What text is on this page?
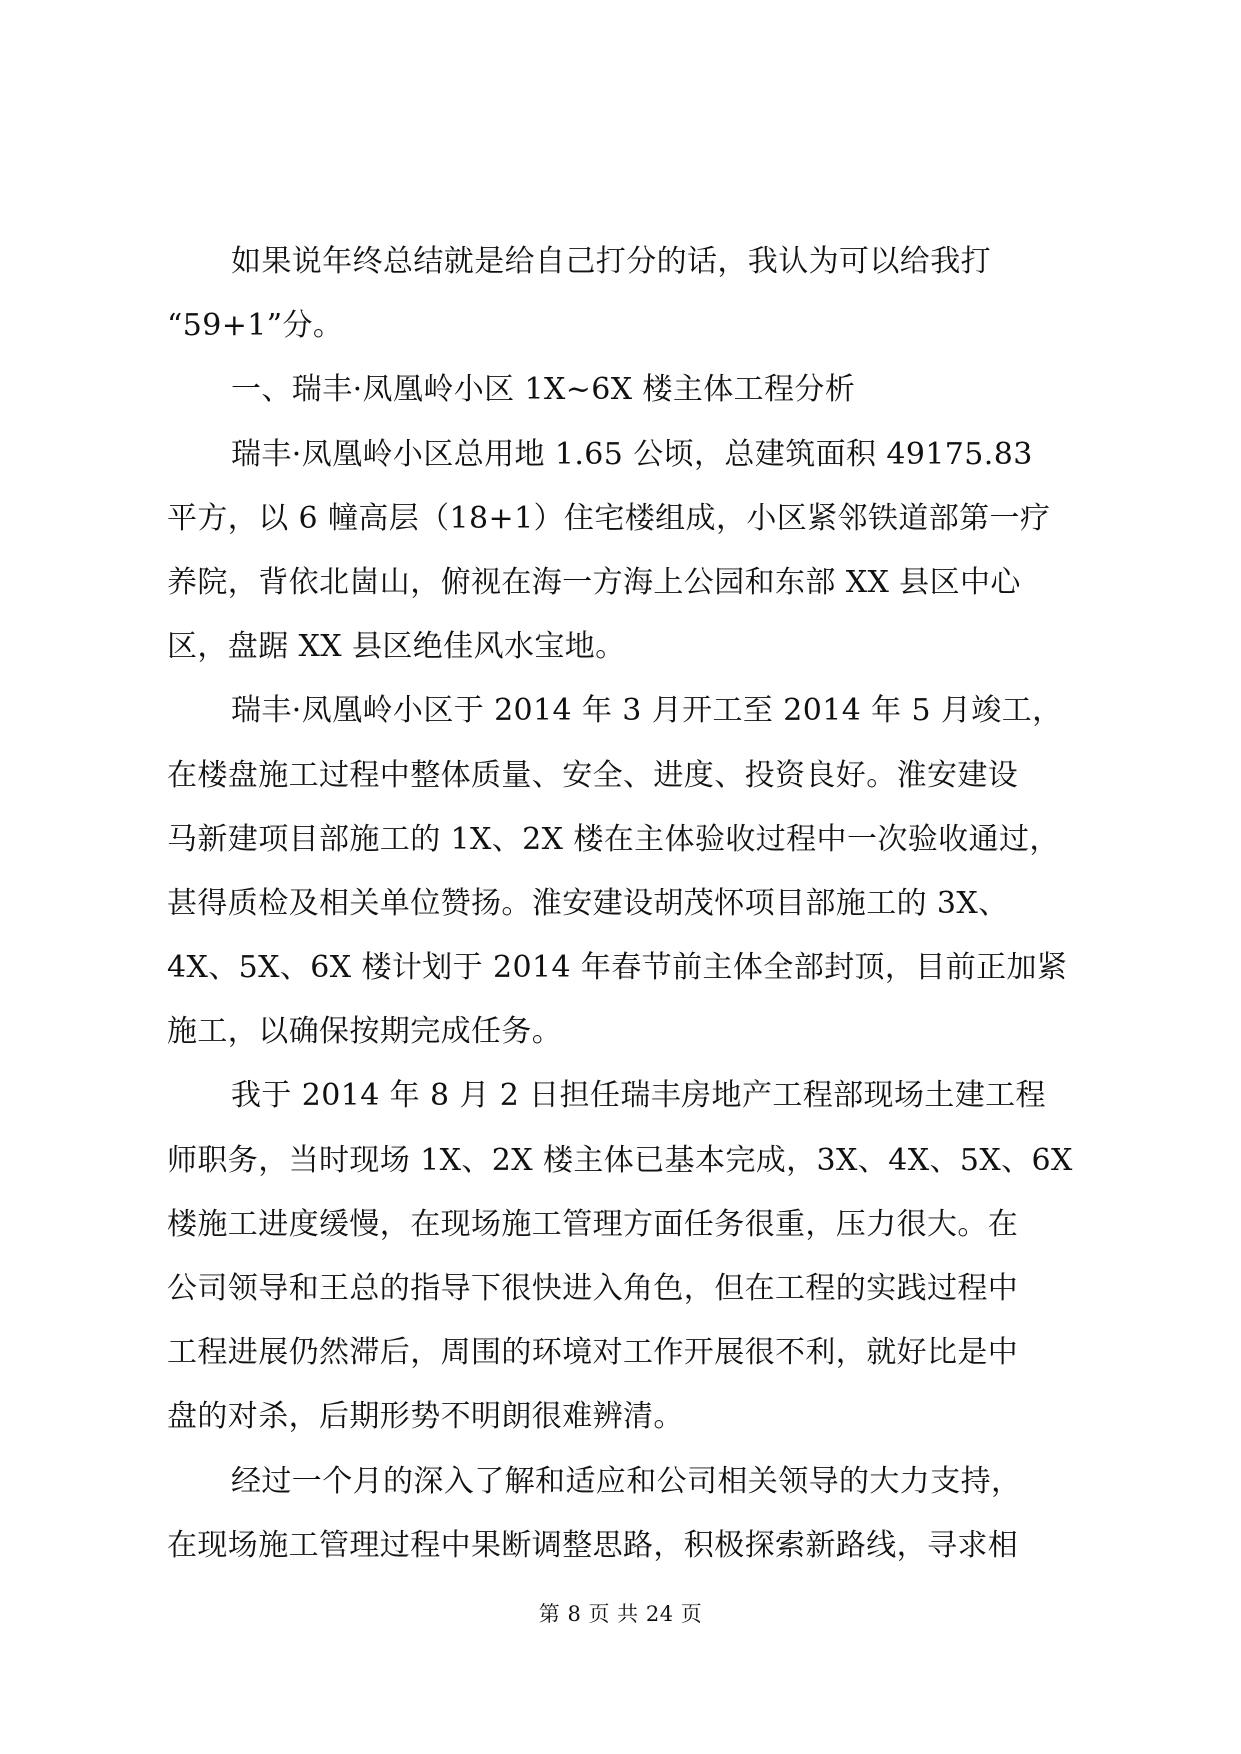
如果说年终总结就是给自己打分的话，我认为可以给我打
“59+1”分。
一、瑞丰·凤凰岭小区 1X~6X 楼主体工程分析
瑞丰·凤凰岭小区总用地 1.65 公顷，总建筑面积 49175.83
平方，以 6 幢高层（18+1）住宅楼组成，小区紧邻铁道部第一疗
养院，背依北崮山，俯视在海一方海上公园和东部 XX 县区中心
区，盘踞 XX 县区绝佳风水宝地。
瑞丰·凤凰岭小区于 2014 年 3 月开工至 2014 年 5 月竣工，
在楼盘施工过程中整体质量、安全、进度、投资良好。淮安建设
马新建项目部施工的 1X、2X 楼在主体验收过程中一次验收通过，
甚得质检及相关单位赞扬。淮安建设胡茂怀项目部施工的 3X、
4X、5X、6X 楼计划于 2014 年春节前主体全部封顶，目前正加紧
施工，以确保按期完成任务。
我于 2014 年 8 月 2 日担任瑞丰房地产工程部现场土建工程
师职务，当时现场 1X、2X 楼主体已基本完成，3X、4X、5X、6X
楼施工进度缓慢，在现场施工管理方面任务很重，压力很大。在
公司领导和王总的指导下很快进入角色，但在工程的实践过程中
工程进展仍然滞后，周围的环境对工作开展很不利，就好比是中
盘的对杀，后期形势不明朗很难辨清。
经过一个月的深入了解和适应和公司相关领导的大力支持，
在现场施工管理过程中果断调整思路，积极探索新路线，寻求相
第 8 页 共 24 页
